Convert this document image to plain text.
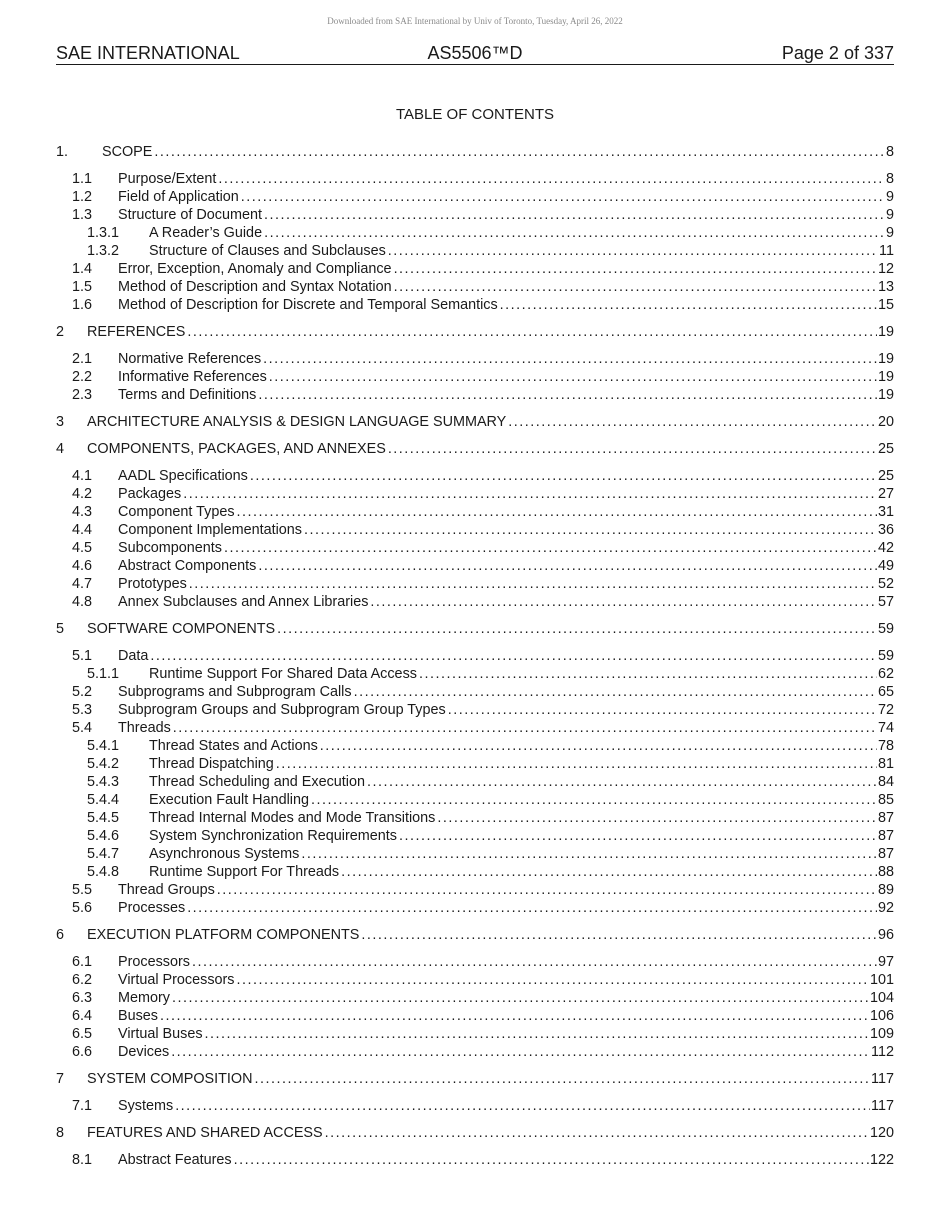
Downloaded from SAE International by Univ of Toronto, Tuesday, April 26, 2022
SAE INTERNATIONAL	AS5506™D	Page 2 of 337
TABLE OF CONTENTS
1. SCOPE .....	8
1.1 Purpose/Extent .....	8
1.2 Field of Application .....	9
1.3 Structure of Document .....	9
1.3.1 A Reader’s Guide .....	9
1.3.2 Structure of Clauses and Subclauses .....	11
1.4 Error, Exception, Anomaly and Compliance .....	12
1.5 Method of Description and Syntax Notation .....	13
1.6 Method of Description for Discrete and Temporal Semantics .....	15
2 REFERENCES .....	19
2.1 Normative References .....	19
2.2 Informative References .....	19
2.3 Terms and Definitions .....	19
3 ARCHITECTURE ANALYSIS & DESIGN LANGUAGE SUMMARY .....	20
4 COMPONENTS, PACKAGES, AND ANNEXES .....	25
4.1 AADL Specifications .....	25
4.2 Packages .....	27
4.3 Component Types .....	31
4.4 Component Implementations .....	36
4.5 Subcomponents .....	42
4.6 Abstract Components .....	49
4.7 Prototypes .....	52
4.8 Annex Subclauses and Annex Libraries .....	57
5 SOFTWARE COMPONENTS .....	59
5.1 Data .....	59
5.1.1 Runtime Support For Shared Data Access .....	62
5.2 Subprograms and Subprogram Calls .....	65
5.3 Subprogram Groups and Subprogram Group Types .....	72
5.4 Threads .....	74
5.4.1 Thread States and Actions .....	78
5.4.2 Thread Dispatching .....	81
5.4.3 Thread Scheduling and Execution .....	84
5.4.4 Execution Fault Handling .....	85
5.4.5 Thread Internal Modes and Mode Transitions .....	87
5.4.6 System Synchronization Requirements .....	87
5.4.7 Asynchronous Systems .....	87
5.4.8 Runtime Support For Threads .....	88
5.5 Thread Groups .....	89
5.6 Processes .....	92
6 EXECUTION PLATFORM COMPONENTS .....	96
6.1 Processors .....	97
6.2 Virtual Processors .....	101
6.3 Memory .....	104
6.4 Buses .....	106
6.5 Virtual Buses .....	109
6.6 Devices .....	112
7 SYSTEM COMPOSITION .....	117
7.1 Systems .....	117
8 FEATURES AND SHARED ACCESS .....	120
8.1 Abstract Features .....	122
